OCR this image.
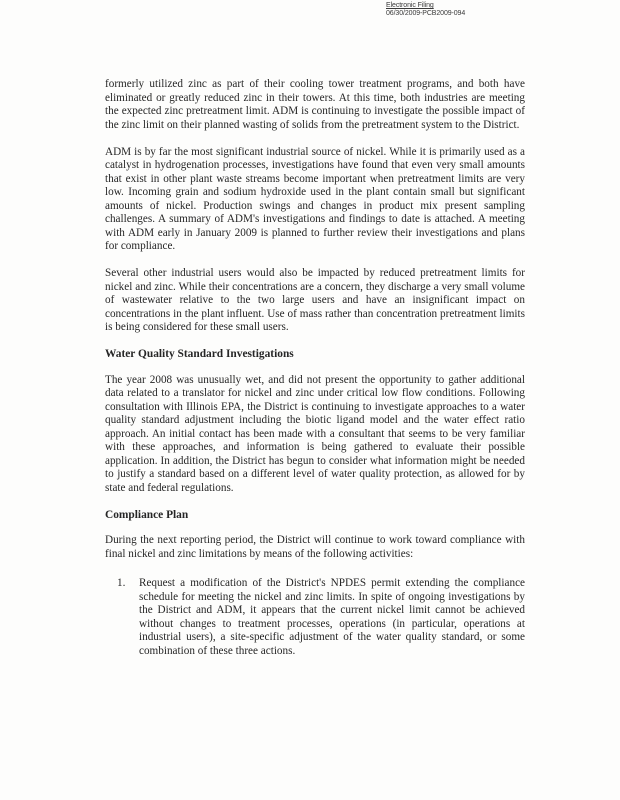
Electronic Filing
06/30/2009-PCB2009-094

formerly utilized zinc as part of their cooling tower treatment programs, and both have eliminated or greatly reduced zinc in their towers. At this time, both industries are meeting the expected zinc pretreatment limit. ADM is continuing to investigate the possible impact of the zinc limit on their planned wasting of solids from the pretreatment system to the District.

ADM is by far the most significant industrial source of nickel. While it is primarily used as a catalyst in hydrogenation processes, investigations have found that even very small amounts that exist in other plant waste streams become important when pretreatment limits are very low. Incoming grain and sodium hydroxide used in the plant contain small but significant amounts of nickel. Production swings and changes in product mix present sampling challenges. A summary of ADM's investigations and findings to date is attached. A meeting with ADM early in January 2009 is planned to further review their investigations and plans for compliance.

Several other industrial users would also be impacted by reduced pretreatment limits for nickel and zinc. While their concentrations are a concern, they discharge a very small volume of wastewater relative to the two large users and have an insignificant impact on concentrations in the plant influent. Use of mass rather than concentration pretreatment limits is being considered for these small users.

Water Quality Standard Investigations

The year 2008 was unusually wet, and did not present the opportunity to gather additional data related to a translator for nickel and zinc under critical low flow conditions. Following consultation with Illinois EPA, the District is continuing to investigate approaches to a water quality standard adjustment including the biotic ligand model and the water effect ratio approach. An initial contact has been made with a consultant that seems to be very familiar with these approaches, and information is being gathered to evaluate their possible application. In addition, the District has begun to consider what information might be needed to justify a standard based on a different level of water quality protection, as allowed for by state and federal regulations.

Compliance Plan

During the next reporting period, the District will continue to work toward compliance with final nickel and zinc limitations by means of the following activities:

1. Request a modification of the District's NPDES permit extending the compliance schedule for meeting the nickel and zinc limits. In spite of ongoing investigations by the District and ADM, it appears that the current nickel limit cannot be achieved without changes to treatment processes, operations (in particular, operations at industrial users), a site-specific adjustment of the water quality standard, or some combination of these three actions.
